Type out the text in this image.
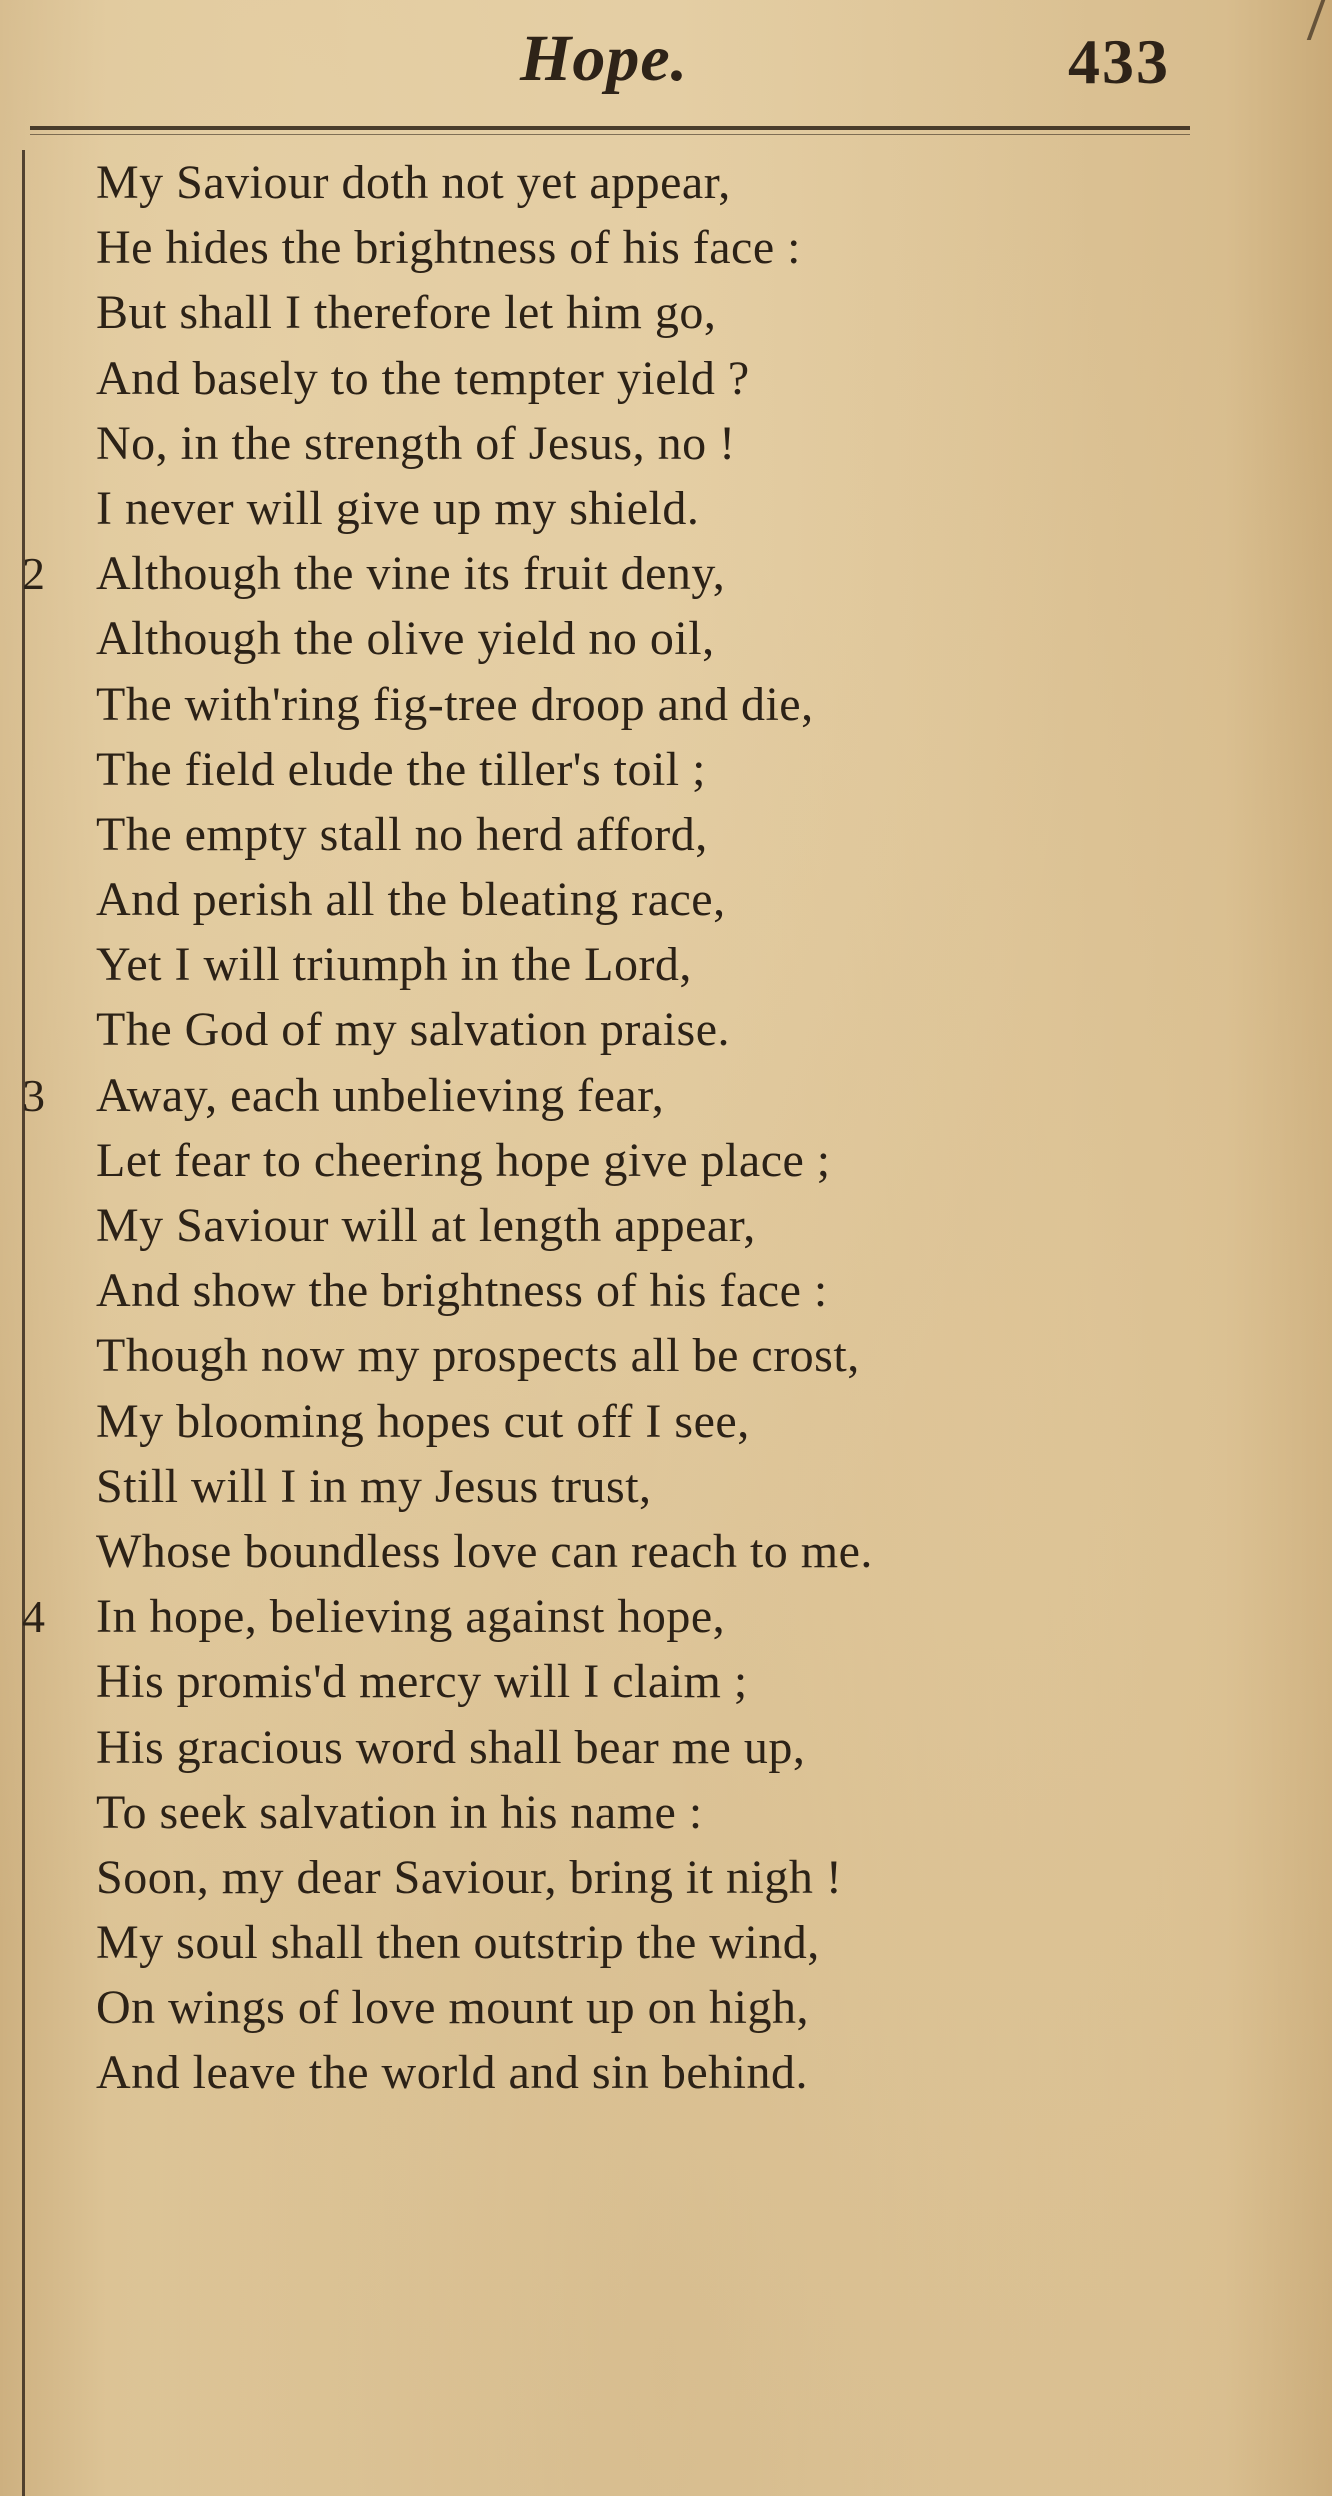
Hope.	433
My Saviour doth not yet appear,
He hides the brightness of his face :
But shall I therefore let him go,
And basely to the tempter yield ?
No, in the strength of Jesus, no !
I never will give up my shield.
2 Although the vine its fruit deny,
Although the olive yield no oil,
The with'ring fig-tree droop and die,
The field elude the tiller's toil ;
The empty stall no herd afford,
And perish all the bleating race,
Yet I will triumph in the Lord,
The God of my salvation praise.
3 Away, each unbelieving fear,
Let fear to cheering hope give place ;
My Saviour will at length appear,
And show the brightness of his face :
Though now my prospects all be crost,
My blooming hopes cut off I see,
Still will I in my Jesus trust,
Whose boundless love can reach to me.
4 In hope, believing against hope,
His promis'd mercy will I claim ;
His gracious word shall bear me up,
To seek salvation in his name :
Soon, my dear Saviour, bring it nigh !
My soul shall then outstrip the wind,
On wings of love mount up on high,
And leave the world and sin behind.
